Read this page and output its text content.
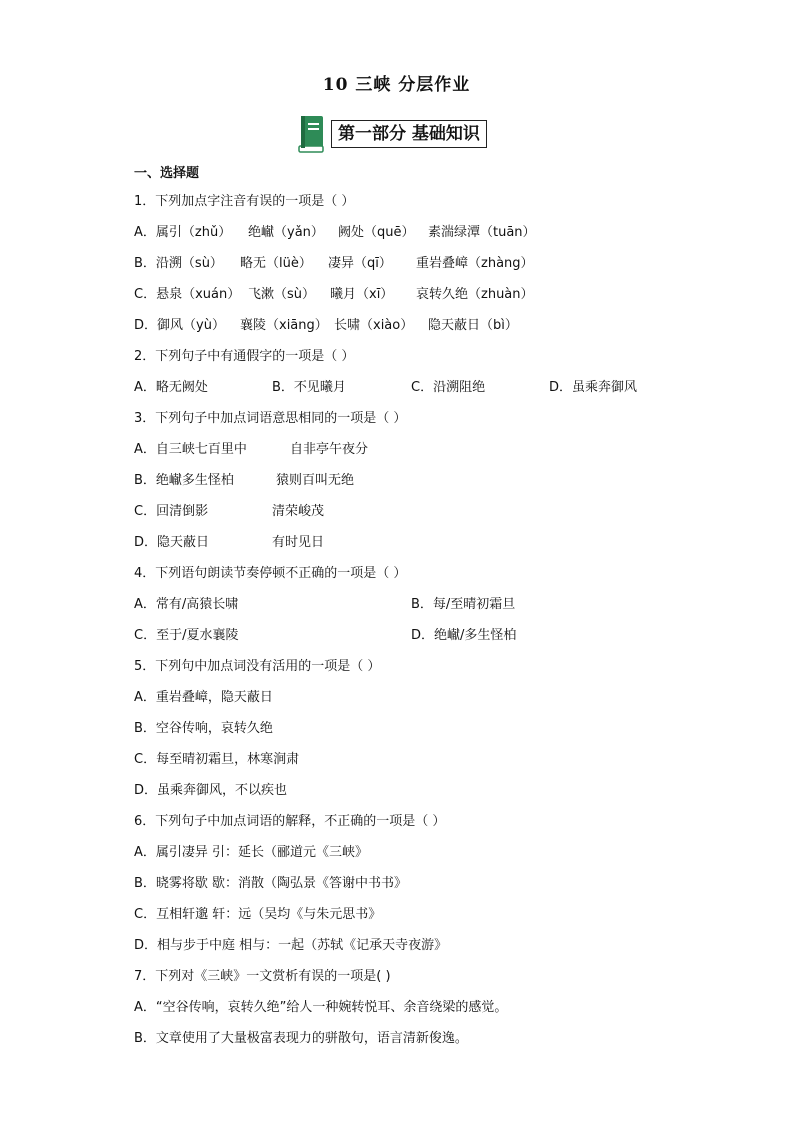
10 三峡 分层作业
第一部分 基础知识
一、选择题
1．下列加点字注音有误的一项是（ ）
A．属引（zhǔ）	绝𪩘（yǎn）	阙处（quē）	素湍绿潭（tuān）
B．沿溯（sù）	略无（lüè）	凄异（qī）	重岩叠嶂（zhàng）
C．悬泉（xuán） 飞漱（sù）	曦月（xī）	哀转久绝（zhuàn）
D．御风（yù）	襄陵（xiāng） 长啸（xiào）	隐天蔽日（bì）
2．下列句子中有通假字的一项是（ ）
A．略无阙处	B．不见曦月	C．沿溯阻绝	D．虽乘奔御风
3．下列句子中加点词语意思相同的一项是（ ）
A．自三峡七百里中	自非亭午夜分
B．绝𪩘多生怪柏	猿则百叫无绝
C．回清倒影	清荣峻茂
D．隐天蔽日	有时见日
4．下列语句朗读节奏停顿不正确的一项是（ ）
A．常有/高猿长啸	B．每/至晴初霜旦
C．至于/夏水襄陵	D．绝𪩘/多生怪柏
5．下列句中加点词没有活用的一项是（ ）
A．重岩叠嶂，隐天蔽日
B．空谷传响，哀转久绝
C．每至晴初霜旦，林寒涧肃
D．虽乘奔御风，不以疾也
6．下列句子中加点词语的解释，不正确的一项是（ ）
A．属引凄异 引：延长（郦道元《三峡》
B．晓雾将歇 歇：消散（陶弘景《答谢中书书》
C．互相轩邈 轩：远（吴均《与朱元思书》
D．相与步于中庭 相与：一起（苏轼《记承天寺夜游》
7．下列对《三峡》一文赏析有误的一项是( )
A．“空谷传响，哀转久绝”给人一种婉转悦耳、余音绕梁的感觉。
B．文章使用了大量极富表现力的骈散句，语言清新俊逸。
